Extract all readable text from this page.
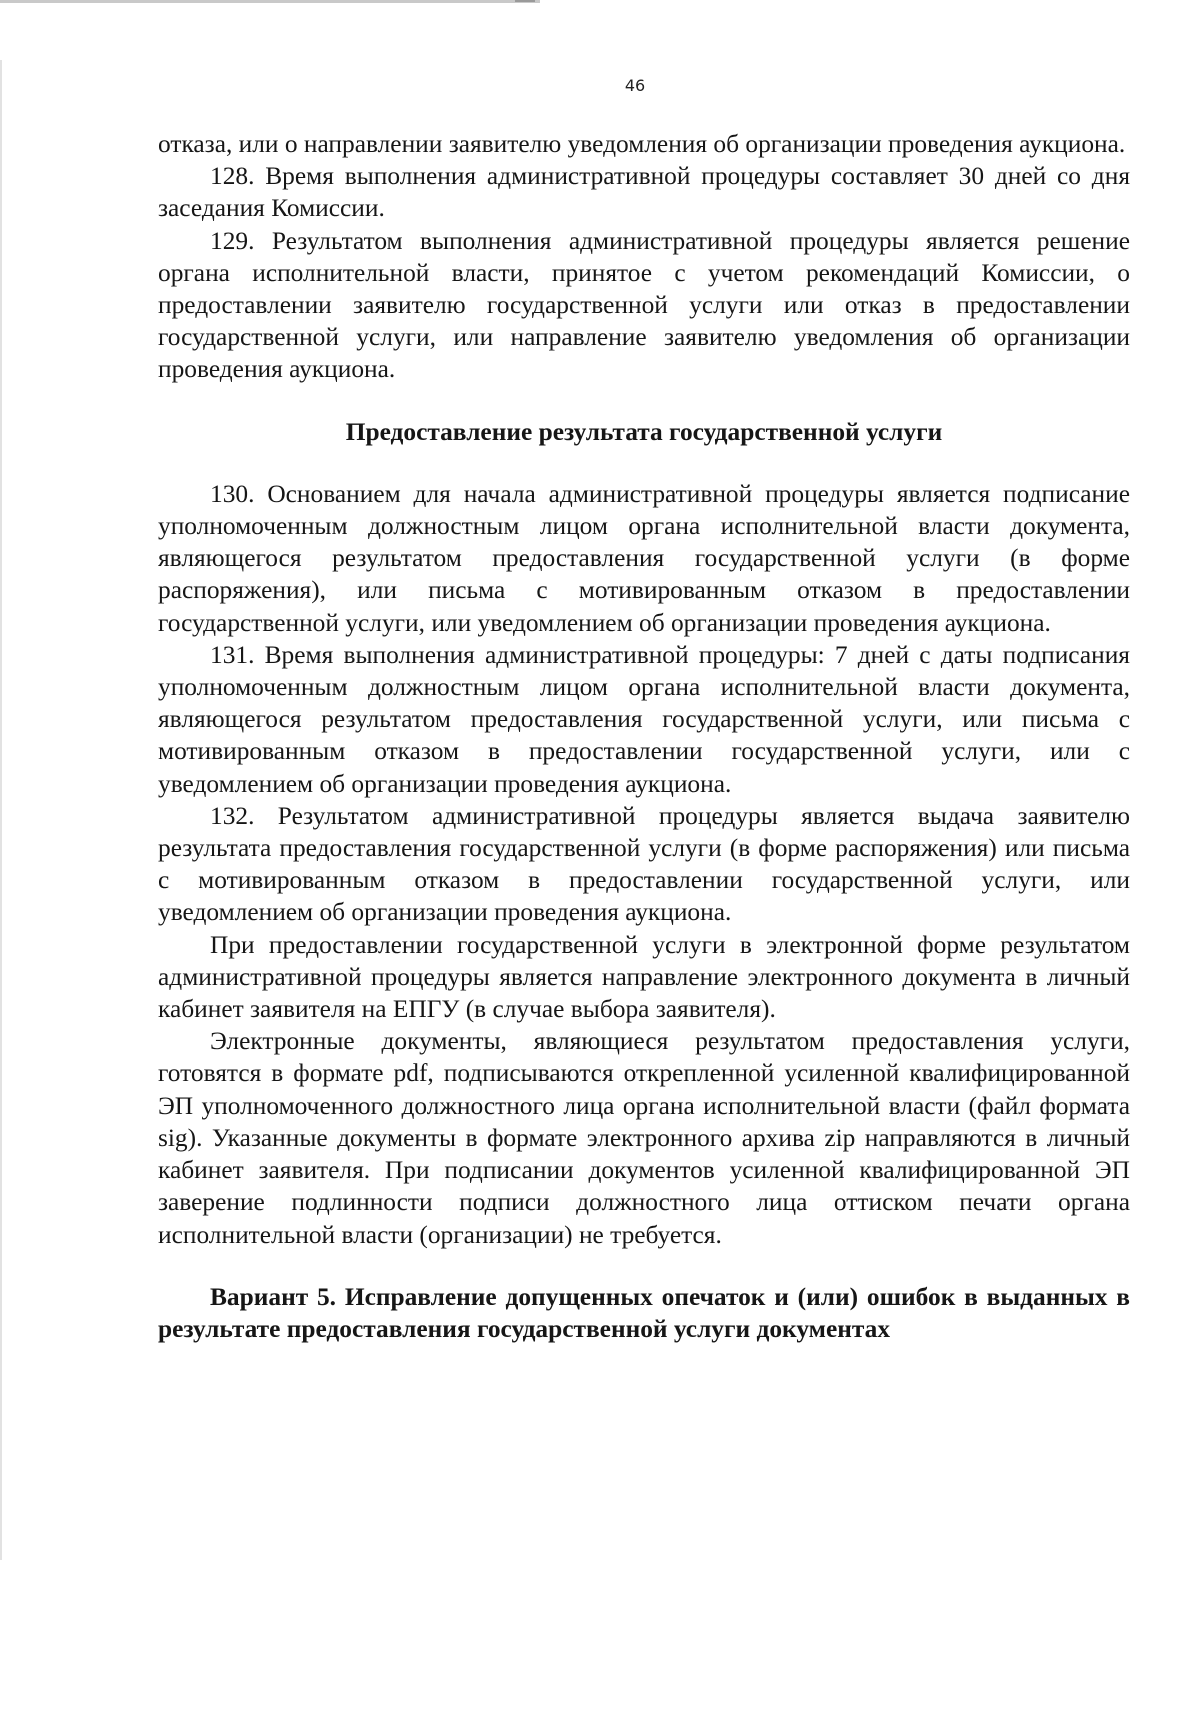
46

отказа, или о направлении заявителю уведомления об организации проведения аукциона.

128. Время выполнения административной процедуры составляет 30 дней со дня заседания Комиссии.

129. Результатом выполнения административной процедуры является решение органа исполнительной власти, принятое с учетом рекомендаций Комиссии, о предоставлении заявителю государственной услуги или отказ в предоставлении государственной услуги, или направление заявителю уведомления об организации проведения аукциона.

Предоставление результата государственной услуги

130. Основанием для начала административной процедуры является подписание уполномоченным должностным лицом органа исполнительной власти документа, являющегося результатом предоставления государственной услуги (в форме распоряжения), или письма с мотивированным отказом в предоставлении государственной услуги, или уведомлением об организации проведения аукциона.

131. Время выполнения административной процедуры: 7 дней с даты подписания уполномоченным должностным лицом органа исполнительной власти документа, являющегося результатом предоставления государственной услуги, или письма с мотивированным отказом в предоставлении государственной услуги, или с уведомлением об организации проведения аукциона.

132. Результатом административной процедуры является выдача заявителю результата предоставления государственной услуги (в форме распоряжения) или письма с мотивированным отказом в предоставлении государственной услуги, или уведомлением об организации проведения аукциона.

При предоставлении государственной услуги в электронной форме результатом административной процедуры является направление электронного документа в личный кабинет заявителя на ЕПГУ (в случае выбора заявителя).

Электронные документы, являющиеся результатом предоставления услуги, готовятся в формате pdf, подписываются открепленной усиленной квалифицированной ЭП уполномоченного должностного лица органа исполнительной власти (файл формата sig). Указанные документы в формате электронного архива zip направляются в личный кабинет заявителя. При подписании документов усиленной квалифицированной ЭП заверение подлинности подписи должностного лица оттиском печати органа исполнительной власти (организации) не требуется.

Вариант 5. Исправление допущенных опечаток и (или) ошибок в выданных в результате предоставления государственной услуги документах
